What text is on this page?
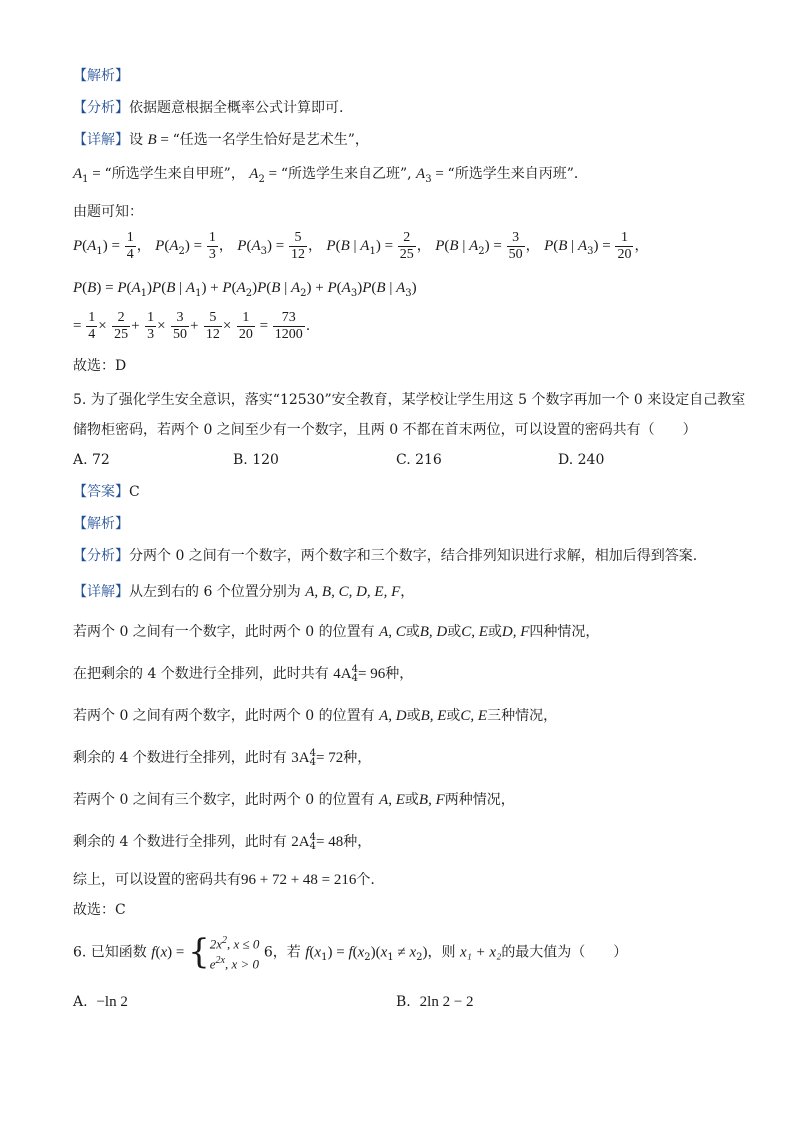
【解析】
【分析】依据题意根据全概率公式计算即可.
【详解】设 B = “任选一名学生恰好是艺术生”，
$A_1$ = “所选学生来自甲班”， $A_2$ = “所选学生来自乙班”, $A_3$ = “所选学生来自丙班”．
由题可知：
$P(A_1) = \frac{1}{4}$ ， $P(A_2) = \frac{1}{3}$ ， $P(A_3) = \frac{5}{12}$ ， P(B | $A_1) = \frac{2}{25}$ ， P(B | $A_2) = \frac{3}{50}$ ， P(B | $A_3) = \frac{1}{20}$ ，
$P(B) = P(A_1)P(B$ | $A_1) + P(A_2)P(B$ | $A_2) + P(A_3)P(B$ | $A_3$)
= $\frac{1}{4} \times \frac{2}{25} + \frac{1}{3} \times \frac{3}{50} + \frac{5}{12} \times \frac{1}{20} = \frac{73}{1200}$ .
故选：D
5. 为了强化学生安全意识，落实“12530”安全教育，某学校让学生用这 5 个数字再加一个 0 来设定自己教室
储物柜密码，若两个 0 之间至少有一个数字，且两 0 不都在首末两位，可以设置的密码共有（　　）
A. 72	B. 120	C. 216	D. 240
【答案】C
【解析】
【分析】分两个 0 之间有一个数字，两个数字和三个数字，结合排列知识进行求解，相加后得到答案.
【详解】从左到右的 6 个位置分别为 A, B, C, D, E, F，
若两个 0 之间有一个数字，此时两个 0 的位置有 A, C或B, D或C, E或D, F四种情况，
在把剩余的 4 个数进行全排列，此时共有 4A 4
4 = 96种，
若两个 0 之间有两个数字，此时两个 0 的位置有 A, D或B, E或C, E三种情况，
剩余的 4 个数进行全排列，此时有 3A 4
4 = 72种，
若两个 0 之间有三个数字，此时两个 0 的位置有 A, E或B, F两种情况，
剩余的 4 个数进行全排列，此时有 2A 4
4 = 48种，
综上，可以设置的密码共有96 + 72 + 48 = 216个.
故选：C
6. 已知函数 f(x) = { $2x^2$, x ≤ 0
$e^{2x}$, x > 0
6，若 $f(x_1) = f(x_2)(x_1 \ne x_2)$，则 x₁ + x₂的最大值为（　　）
A. −ln 2	B. 2ln 2 − 2
